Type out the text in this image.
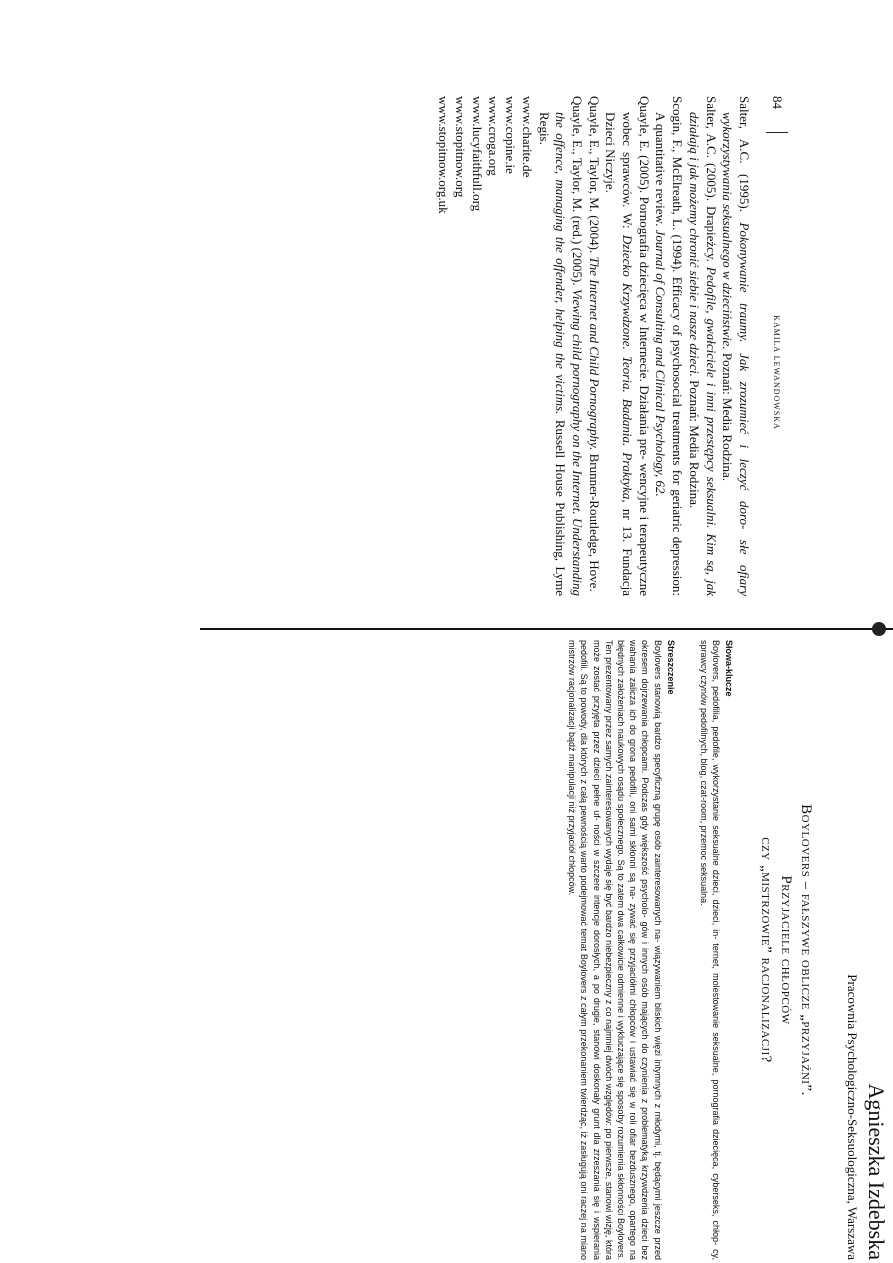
84
KAMILA LEWANDOWSKA

Salter, A.C. (1995). Pokonywanie traumy. Jak zrozumieć i leczyć doro- słe ofiary wykorzystywania seksualnego w dzieciństwie. Poznań: Media Rodzina.

Salter, A.C. (2005). Drapieżcy. Pedofile, gwałciciele i inni przestępcy seksualni. Kim są, jak działają i jak możemy chronić siebie i nasze dzieci. Poznań: Media Rodzina.

Scogin, F., McElreath, L. (1994). Efficacy of psychosocial treatments for geriatric depression: A quantitative review. Journal of Consulting and Clinical Psychology, 62.

Quayle, E. (2005). Pornografia dziecięca w Internecie. Działania pre- wencyjne i terapeutyczne wobec sprawców. W: Dziecko Krzywdzone. Teoria. Badania. Praktyka, nr 13. Fundacja Dzieci Niczyje.

Quayle, E., Taylor, M. (2004). The Internet and Child Pornography. Brunner-Routledge, Hove.

Quayle, E., Taylor, M. (red.) (2005). Viewing child pornography on the Internet. Understanding the offence, managing the offender, helping the victims. Russell House Publishing, Lyme Regis.

www.charite.de

www.copine.ie

www.croga.org

www.lucyfaithfull.org

www.stopitnow.org

www.stopitnow.org.uk

Agnieszka Izdebska

Pracownia Psychologiczno-Seksuologiczna, Warszawa

Boylovers – fałszywe oblicze „przyjaźni”.
Przyjaciele chłopców
czy „mistrzowie” racjonalizacji?

Słowa-klucze

Boylovers, pedofilia, pedofile, wykorzystanie seksualne dzieci, dzieci, in- ternet, molestowanie seksualne, pornografia dziecięca, cyberseks, chłop- cy, sprawcy czynów pedofilnych, blog, czat-room, przemoc seksualna.

Streszczenie

Boylovers stanowią bardzo specyficzną grupę osób zainteresowanych na- wiązywaniem bliskich więzi intymnych z młodymi, tj. będącymi jeszcze przed okresem dojrzewania chłopcami. Podczas gdy większość psycholo- gów i innych osób mających do czynienia z problematyką krzywdzenia dzieci bez wahania zalicza ich do grona pedofili, oni sami skłonni są na- zywać się przyjaciółmi chłopców i ustawiać się w roli ofiar bezdusznego, opartego na błędnych założeniach naukowych osądu społecznego. Są to zatem dwa całkowicie odmienne i wykluczające się sposoby rozumienia skłonności Boylovers. Ten prezentowany przez samych zainteresowanych wydaje się być bardzo niebezpieczny z co najmniej dwóch względów: po pierwsze, stanowi wizję, która może zostać przyjęta przez dzieci pełne uf- ności w szczere intencje dorosłych, a po drugie, stanowi doskonały grunt dla zrzeszania się i wspierania pedofili. Są to powody, dla których z całą pewnością warto podejmować temat Boylovers z całym przekonaniem twierdząc, iż zasługują oni raczej na miano mistrzów racjonalizacji bądź manipulacji niż przyjaciół chłopców.
